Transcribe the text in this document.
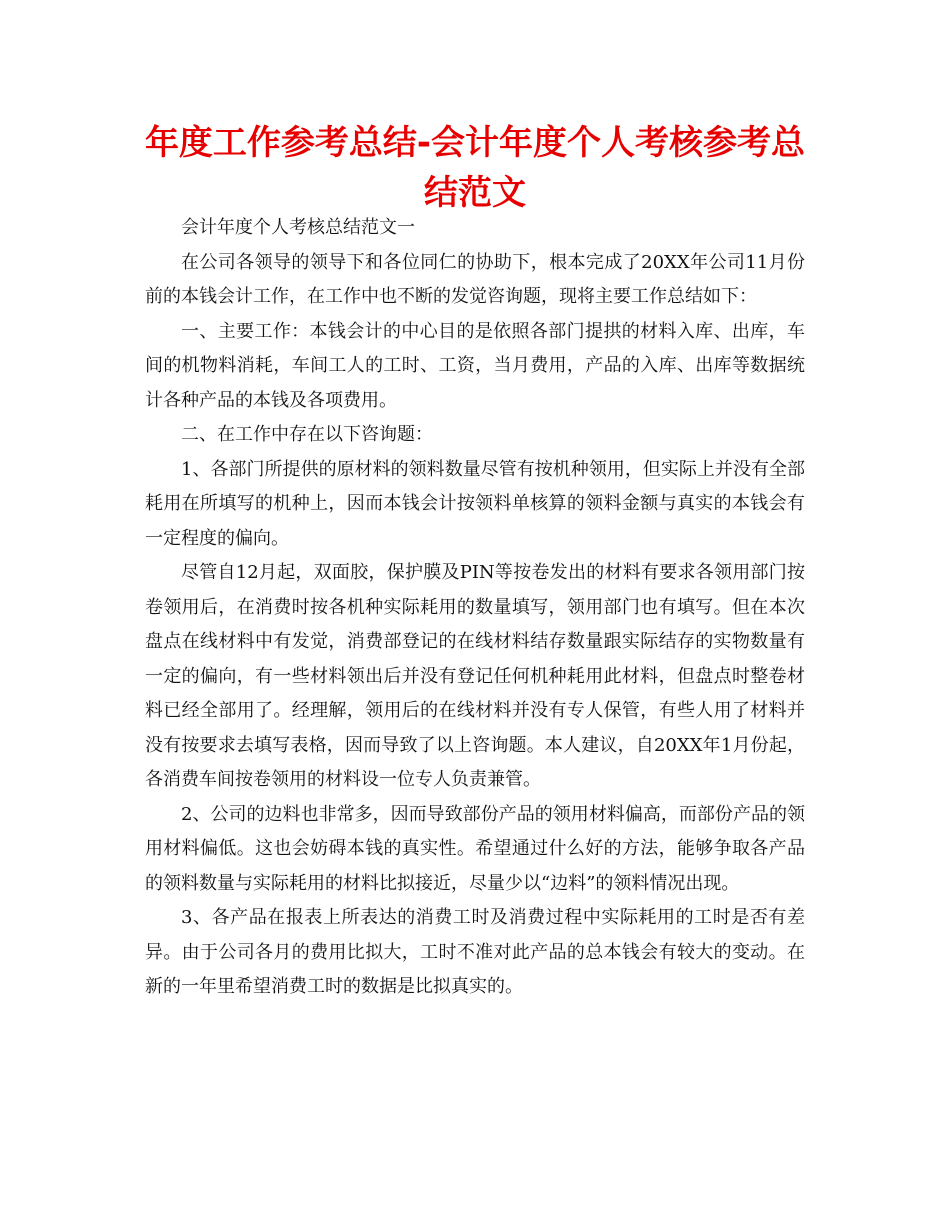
年度工作参考总结-会计年度个人考核参考总结范文

会计年度个人考核总结范文一

在公司各领导的领导下和各位同仁的协助下，根本完成了20XX年公司11月份前的本钱会计工作，在工作中也不断的发觉咨询题，现将主要工作总结如下：

一、主要工作：本钱会计的中心目的是依照各部门提拱的材料入库、出库，车间的机物料消耗，车间工人的工时、工资，当月费用，产品的入库、出库等数据统计各种产品的本钱及各项费用。

二、在工作中存在以下咨询题：

1、各部门所提供的原材料的领料数量尽管有按机种领用，但实际上并没有全部耗用在所填写的机种上，因而本钱会计按领料单核算的领料金额与真实的本钱会有一定程度的偏向。

尽管自12月起，双面胶，保护膜及PIN等按卷发出的材料有要求各领用部门按卷领用后，在消费时按各机种实际耗用的数量填写，领用部门也有填写。但在本次盘点在线材料中有发觉，消费部登记的在线材料结存数量跟实际结存的实物数量有一定的偏向，有一些材料领出后并没有登记任何机种耗用此材料，但盘点时整卷材料已经全部用了。经理解，领用后的在线材料并没有专人保管，有些人用了材料并没有按要求去填写表格，因而导致了以上咨询题。本人建议，自20XX年1月份起，各消费车间按卷领用的材料设一位专人负责兼管。

2、公司的边料也非常多，因而导致部份产品的领用材料偏高，而部份产品的领用材料偏低。这也会妨碍本钱的真实性。希望通过什么好的方法，能够争取各产品的领料数量与实际耗用的材料比拟接近，尽量少以“边料”的领料情况出现。

3、各产品在报表上所表达的消费工时及消费过程中实际耗用的工时是否有差异。由于公司各月的费用比拟大，工时不准对此产品的总本钱会有较大的变动。在新的一年里希望消费工时的数据是比拟真实的。
